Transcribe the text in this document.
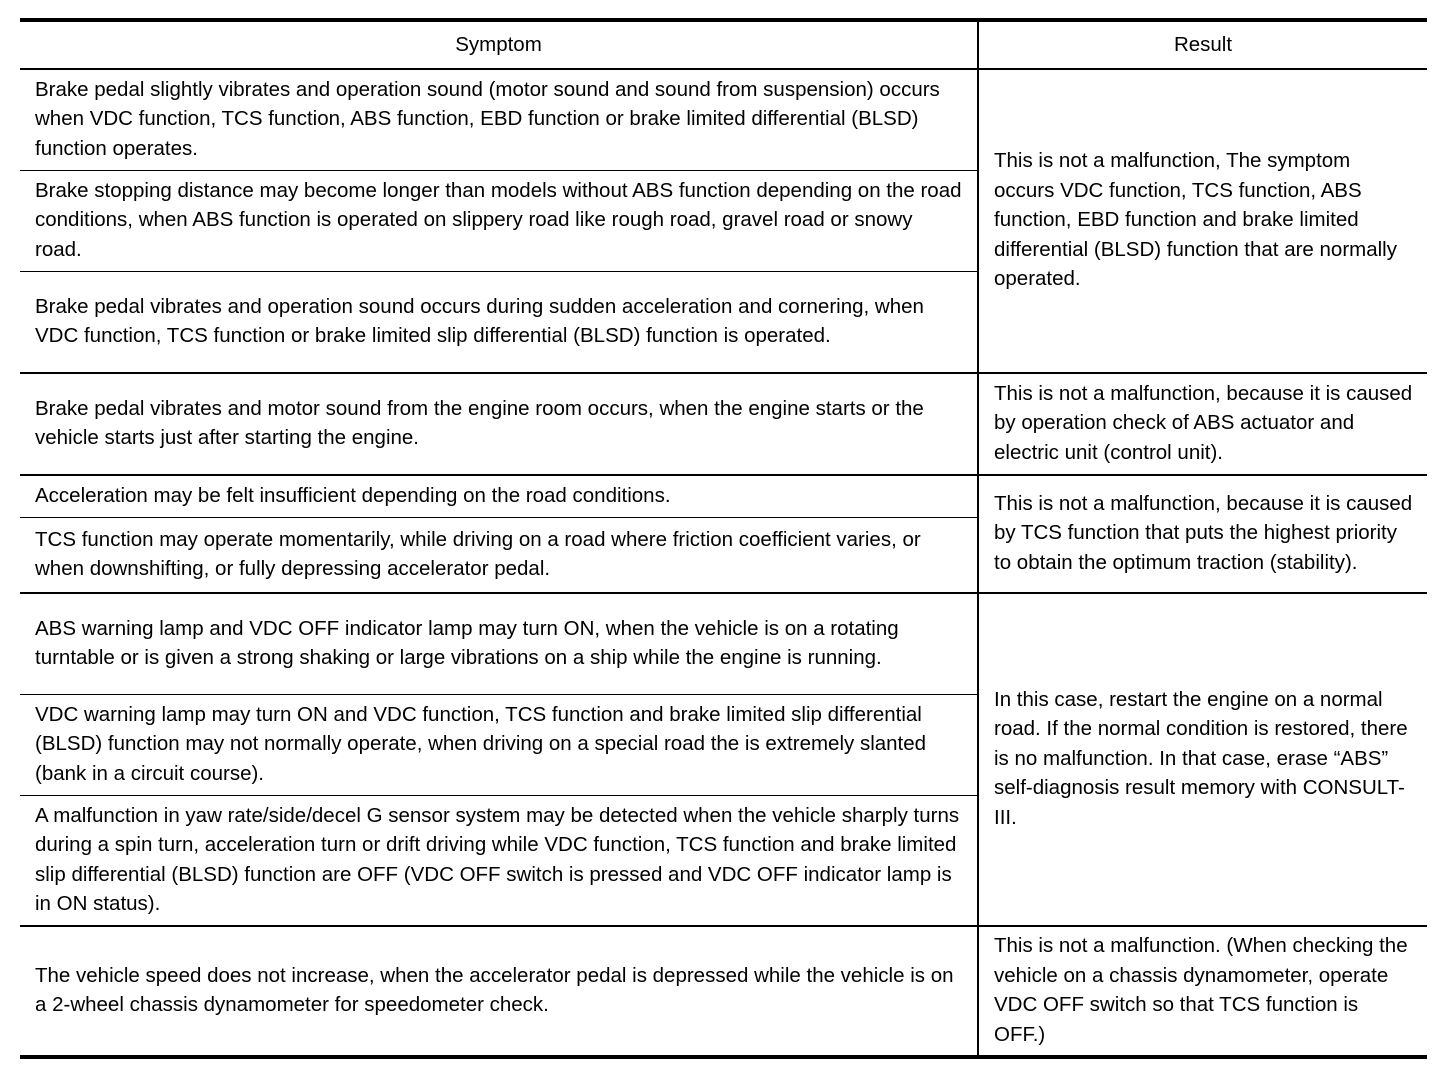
Symptom	Result
Brake pedal slightly vibrates and operation sound (motor sound and sound from suspension) occurs when VDC function, TCS function, ABS function, EBD function or brake limited differential (BLSD) function operates.	This is not a malfunction, The symptom occurs VDC function, TCS function, ABS function, EBD function and brake limited differential (BLSD) function that are normally operated.
Brake stopping distance may become longer than models without ABS function depending on the road conditions, when ABS function is operated on slippery road like rough road, gravel road or snowy road.	
Brake pedal vibrates and operation sound occurs during sudden acceleration and cornering, when VDC function, TCS function or brake limited slip differential (BLSD) function is operated.	
Brake pedal vibrates and motor sound from the engine room occurs, when the engine starts or the vehicle starts just after starting the engine.	This is not a malfunction, because it is caused by operation check of ABS actuator and electric unit (control unit).
Acceleration may be felt insufficient depending on the road conditions.	This is not a malfunction, because it is caused by TCS function that puts the highest priority to obtain the optimum traction (stability).
TCS function may operate momentarily, while driving on a road where friction coefficient varies, or when downshifting, or fully depressing accelerator pedal.	
ABS warning lamp and VDC OFF indicator lamp may turn ON, when the vehicle is on a rotating turntable or is given a strong shaking or large vibrations on a ship while the engine is running.	In this case, restart the engine on a normal road. If the normal condition is restored, there is no malfunction. In that case, erase “ABS” self-diagnosis result memory with CONSULT-III.
VDC warning lamp may turn ON and VDC function, TCS function and brake limited slip differential (BLSD) function may not normally operate, when driving on a special road the is extremely slanted (bank in a circuit course).	
A malfunction in yaw rate/side/decel G sensor system may be detected when the vehicle sharply turns during a spin turn, acceleration turn or drift driving while VDC function, TCS function and brake limited slip differential (BLSD) function are OFF (VDC OFF switch is pressed and VDC OFF indicator lamp is in ON status).	
The vehicle speed does not increase, when the accelerator pedal is depressed while the vehicle is on a 2-wheel chassis dynamometer for speedometer check.	This is not a malfunction. (When checking the vehicle on a chassis dynamometer, operate VDC OFF switch so that TCS function is OFF.)
